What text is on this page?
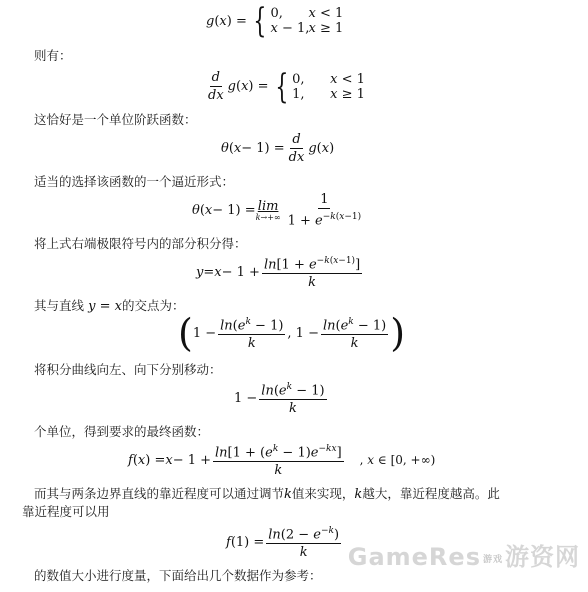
g ( x ) = { 0,	x < 1
x − 1, x ≥ 1
则有：
$\frac{d}{dx}$ g ( x ) = { 0,	x < 1
1,	x ≥ 1
这恰好是一个单位阶跃函数：
θ ( $x - 1) = \frac{d}{dx}$ g ( x )
适当的选择该函数的一个逼近形式：
θ ( x − 1) = lim
$k\to+\infty \frac{1}{1 + e^{-k(x-1)}}$
将上式右端极限符号内的部分积分得：
$y = x - 1 + \frac{\ln[1 + e^{-k(x-1)}]}{k}$
其与直线 y = x的交点为：
( $1 - \frac{\ln(e^k - 1)}{k}$ , $1 - \frac{\ln(e^k - 1)}{k}$ )
将积分曲线向左、向下分别移动：
$1 - \frac{\ln(e^k - 1)}{k}$
个单位，得到要求的最终函数：
f ( x ) = $x - 1 + \frac{\ln[1 + (e^k - 1)e^{-kx}]}{k}$ , x ∈ [0, +∞)
而其与两条边界直线的靠近程度可以通过调节k值来实现，k越大，靠近程度越高。此
靠近程度可以用
f $(1) = \frac{\ln(2 - e^{-k})}{k}$
的数值大小进行度量，下面给出几个数据作为参考：
GameRes 游戏游资网
